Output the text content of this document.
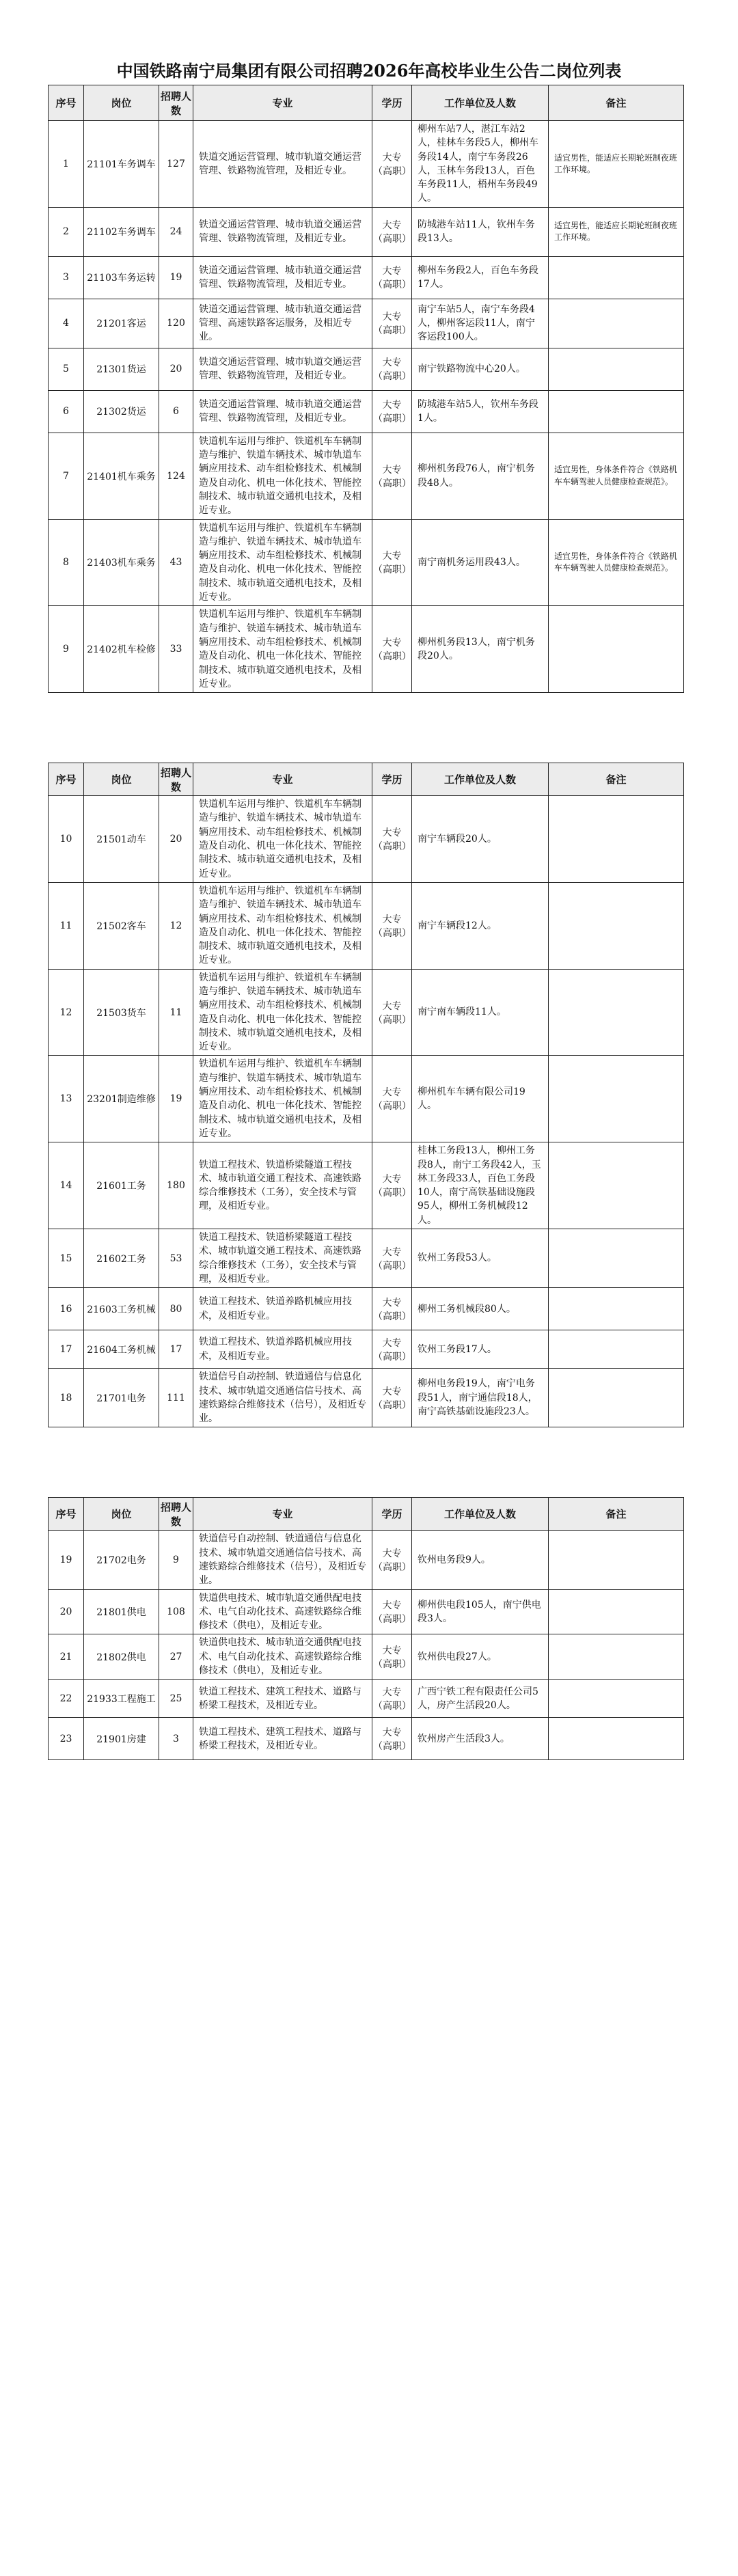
中国铁路南宁局集团有限公司招聘2026年高校毕业生公告二岗位列表
序号	岗位	招聘人数	专业	学历	工作单位及人数	备注
1	21101车务调车	127	铁道交通运营管理、城市轨道交通运营管理、铁路物流管理，及相近专业。	大专（高职）	柳州车站7人，湛江车站2人，桂林车务段5人，柳州车务段14人，南宁车务段26人，玉林车务段13人，百色车务段11人，梧州车务段49人。	适宜男性，能适应长期轮班制夜班工作环境。
2	21102车务调车	24	铁道交通运营管理、城市轨道交通运营管理、铁路物流管理，及相近专业。	大专（高职）	防城港车站11人，钦州车务段13人。	适宜男性，能适应长期轮班制夜班工作环境。
3	21103车务运转	19	铁道交通运营管理、城市轨道交通运营管理、铁路物流管理，及相近专业。	大专（高职）	柳州车务段2人，百色车务段17人。	
4	21201客运	120	铁道交通运营管理、城市轨道交通运营管理、高速铁路客运服务，及相近专业。	大专（高职）	南宁车站5人，南宁车务段4人，柳州客运段11人，南宁客运段100人。	
5	21301货运	20	铁道交通运营管理、城市轨道交通运营管理、铁路物流管理，及相近专业。	大专（高职）	南宁铁路物流中心20人。	
6	21302货运	6	铁道交通运营管理、城市轨道交通运营管理、铁路物流管理，及相近专业。	大专（高职）	防城港车站5人，钦州车务段1人。	
7	21401机车乘务	124	铁道机车运用与维护、铁道机车车辆制造与维护、铁道车辆技术、城市轨道车辆应用技术、动车组检修技术、机械制造及自动化、机电一体化技术、智能控制技术、城市轨道交通机电技术，及相近专业。	大专（高职）	柳州机务段76人，南宁机务段48人。	适宜男性，身体条件符合《铁路机车车辆驾驶人员健康检查规范》。
8	21403机车乘务	43	铁道机车运用与维护、铁道机车车辆制造与维护、铁道车辆技术、城市轨道车辆应用技术、动车组检修技术、机械制造及自动化、机电一体化技术、智能控制技术、城市轨道交通机电技术，及相近专业。	大专（高职）	南宁南机务运用段43人。	适宜男性，身体条件符合《铁路机车车辆驾驶人员健康检查规范》。
9	21402机车检修	33	铁道机车运用与维护、铁道机车车辆制造与维护、铁道车辆技术、城市轨道车辆应用技术、动车组检修技术、机械制造及自动化、机电一体化技术、智能控制技术、城市轨道交通机电技术，及相近专业。	大专（高职）	柳州机务段13人，南宁机务段20人。	
序号	岗位	招聘人数	专业	学历	工作单位及人数	备注
10	21501动车	20	铁道机车运用与维护、铁道机车车辆制造与维护、铁道车辆技术、城市轨道车辆应用技术、动车组检修技术、机械制造及自动化、机电一体化技术、智能控制技术、城市轨道交通机电技术，及相近专业。	大专（高职）	南宁车辆段20人。	
11	21502客车	12	铁道机车运用与维护、铁道机车车辆制造与维护、铁道车辆技术、城市轨道车辆应用技术、动车组检修技术、机械制造及自动化、机电一体化技术、智能控制技术、城市轨道交通机电技术，及相近专业。	大专（高职）	南宁车辆段12人。	
12	21503货车	11	铁道机车运用与维护、铁道机车车辆制造与维护、铁道车辆技术、城市轨道车辆应用技术、动车组检修技术、机械制造及自动化、机电一体化技术、智能控制技术、城市轨道交通机电技术，及相近专业。	大专（高职）	南宁南车辆段11人。	
13	23201制造维修	19	铁道机车运用与维护、铁道机车车辆制造与维护、铁道车辆技术、城市轨道车辆应用技术、动车组检修技术、机械制造及自动化、机电一体化技术、智能控制技术、城市轨道交通机电技术，及相近专业。	大专（高职）	柳州机车车辆有限公司19人。	
14	21601工务	180	铁道工程技术、铁道桥梁隧道工程技术、城市轨道交通工程技术、高速铁路综合维修技术（工务），安全技术与管理，及相近专业。	大专（高职）	桂林工务段13人，柳州工务段8人，南宁工务段42人，玉林工务段33人，百色工务段10人，南宁高铁基础设施段95人，柳州工务机械段12人。	
15	21602工务	53	铁道工程技术、铁道桥梁隧道工程技术、城市轨道交通工程技术、高速铁路综合维修技术（工务），安全技术与管理，及相近专业。	大专（高职）	钦州工务段53人。	
16	21603工务机械	80	铁道工程技术、铁道养路机械应用技术，及相近专业。	大专（高职）	柳州工务机械段80人。	
17	21604工务机械	17	铁道工程技术、铁道养路机械应用技术，及相近专业。	大专（高职）	钦州工务段17人。	
18	21701电务	111	铁道信号自动控制、铁道通信与信息化技术、城市轨道交通通信信号技术、高速铁路综合维修技术（信号），及相近专业。	大专（高职）	柳州电务段19人，南宁电务段51人，南宁通信段18人，南宁高铁基础设施段23人。	
序号	岗位	招聘人数	专业	学历	工作单位及人数	备注
19	21702电务	9	铁道信号自动控制、铁道通信与信息化技术、城市轨道交通通信信号技术、高速铁路综合维修技术（信号），及相近专业。	大专（高职）	钦州电务段9人。	
20	21801供电	108	铁道供电技术、城市轨道交通供配电技术、电气自动化技术、高速铁路综合维修技术（供电），及相近专业。	大专（高职）	柳州供电段105人，南宁供电段3人。	
21	21802供电	27	铁道供电技术、城市轨道交通供配电技术、电气自动化技术、高速铁路综合维修技术（供电），及相近专业。	大专（高职）	钦州供电段27人。	
22	21933工程施工	25	铁道工程技术、建筑工程技术、道路与桥梁工程技术，及相近专业。	大专（高职）	广西宁铁工程有限责任公司5人，房产生活段20人。	
23	21901房建	3	铁道工程技术、建筑工程技术、道路与桥梁工程技术，及相近专业。	大专（高职）	钦州房产生活段3人。	
